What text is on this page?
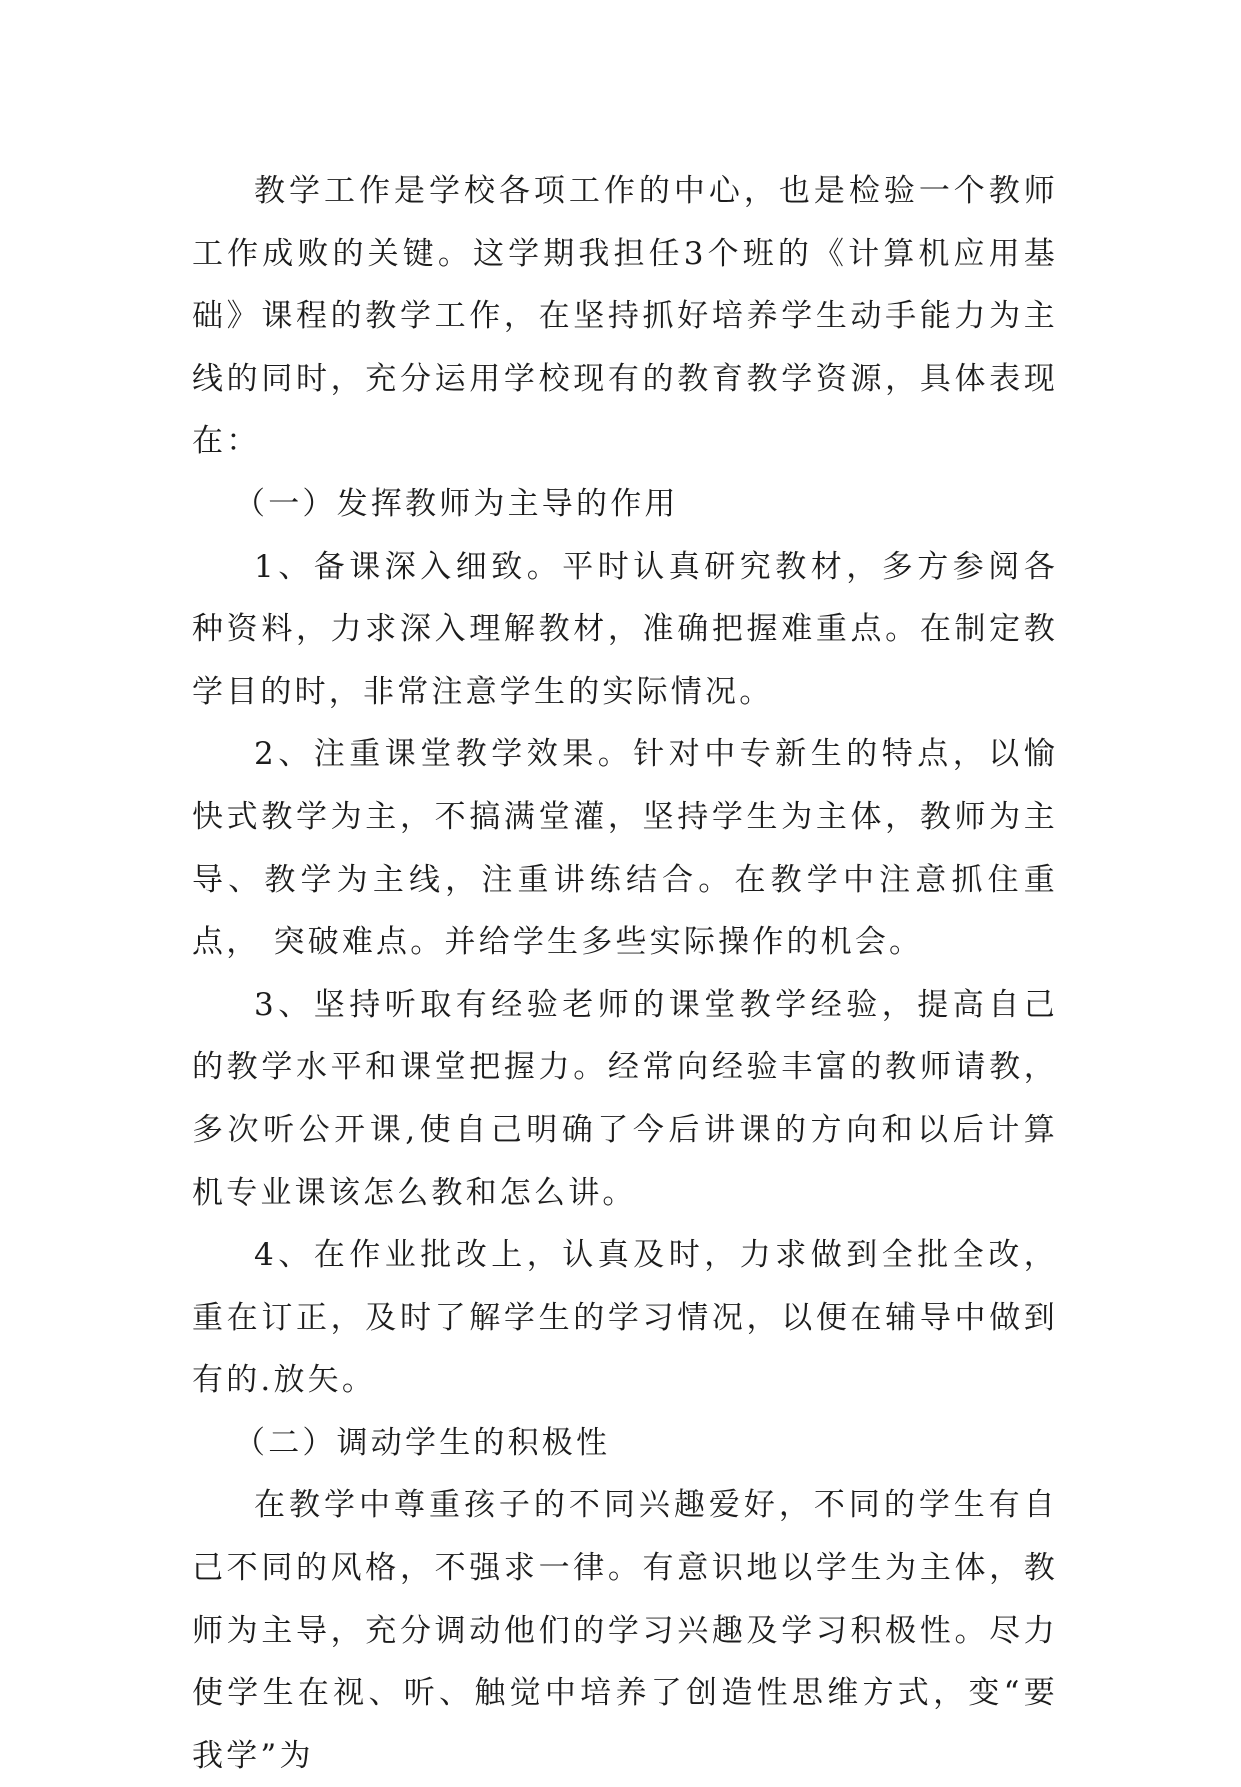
教学工作是学校各项工作的中心，也是检验一个教师工作成败的关键。这学期我担任3个班的《计算机应用基础》课程的教学工作，在坚持抓好培养学生动手能力为主线的同时，充分运用学校现有的教育教学资源，具体表现在：

（一）发挥教师为主导的作用

1、备课深入细致。平时认真研究教材，多方参阅各种资料，力求深入理解教材，准确把握难重点。在制定教学目的时，非常注意学生的实际情况。

2、注重课堂教学效果。针对中专新生的特点，以愉快式教学为主，不搞满堂灌，坚持学生为主体，教师为主导、教学为主线，注重讲练结合。在教学中注意抓住重点， 突破难点。并给学生多些实际操作的机会。

3、坚持听取有经验老师的课堂教学经验，提高自己的教学水平和课堂把握力。经常向经验丰富的教师请教，多次听公开课,使自己明确了今后讲课的方向和以后计算机专业课该怎么教和怎么讲。

4、在作业批改上，认真及时，力求做到全批全改，重在订正，及时了解学生的学习情况，以便在辅导中做到有的.放矢。

（二）调动学生的积极性

在教学中尊重孩子的不同兴趣爱好，不同的学生有自己不同的风格，不强求一律。有意识地以学生为主体，教师为主导，充分调动他们的学习兴趣及学习积极性。尽力使学生在视、听、触觉中培养了创造性思维方式，变“要我学”为
